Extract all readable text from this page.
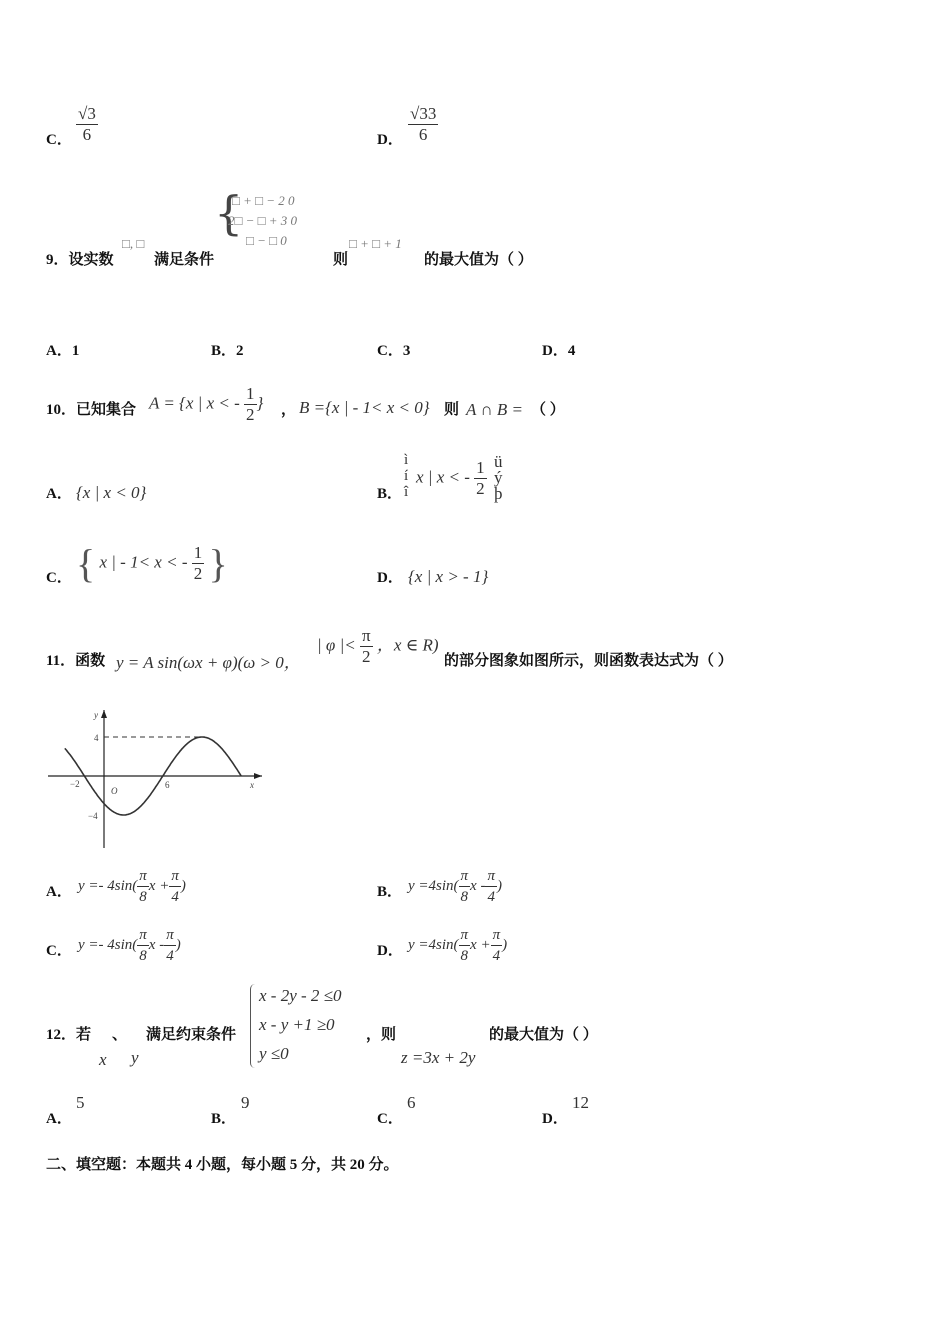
C． $\frac{√3}{6}$	D． $\frac{√33}{6}$
9．设实数
□, □
满足条件
{
□ + □ − 2 0
2□ − □ + 3 0
□ − □ 0
则
□ + □ + 1
的最大值为（ ）
A．1	B．2	C．3	D．4
10．已知集合 A = {x | x < - $\frac{1}{2}$ } ， B ={x | - 1< x < 0} 则 A ∩ B = （ ）
A． {x | x < 0}	B．
ì
í
î
x | x < - $\frac{1}{2}$ ü
ý
þ
C． { x | - 1< x < - $\frac{1}{2}$ }	D． {x | x > - 1}
11．函数 y = A sin(ωx + φ)(ω > 0，
| φ |< $\frac{\pi}{2}$ ，x ∈ R)
的部分图象如图所示，则函数表达式为（ ）
y
x
O
4
−4
−2	6
A． $y =- 4\sin( \frac{\pi}{8}$ $x + \frac{\pi}{4}$ )	B． $y =4\sin( \frac{\pi}{8}$ x - $\frac{\pi}{4}$ )
C． $y =- 4\sin( \frac{\pi}{8}$ x - $\frac{\pi}{4}$ )	D． $y =4\sin( \frac{\pi}{8}$ $x + \frac{\pi}{4}$ )
12．若 、 满足约束条件
x y
x - 2y - 2 ≤0
x - y +1 ≥0
y ≤0
，则
z =3x + 2y
的最大值为（ ）
A．
5
B．
9
C．
6
D．
12
二、填空题：本题共 4 小题，每小题 5 分，共 20 分。
